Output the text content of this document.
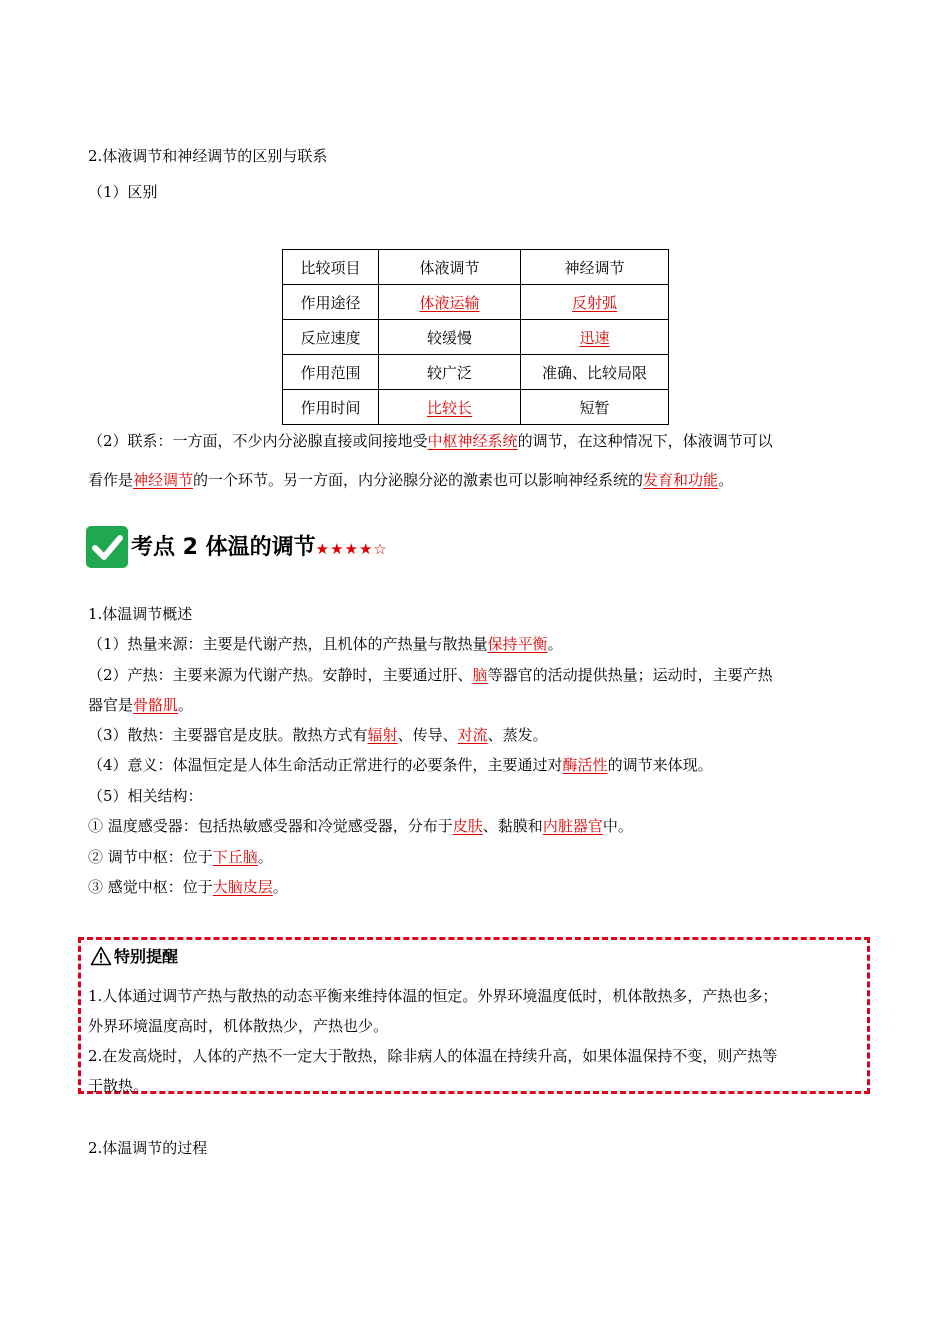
2.体液调节和神经调节的区别与联系
（1）区别
比较项目	体液调节	神经调节
作用途径	体液运输	反射弧
反应速度	较缓慢	迅速
作用范围	较广泛	准确、比较局限
作用时间	比较长	短暂
（2）联系：一方面，不少内分泌腺直接或间接地受中枢神经系统的调节，在这种情况下，体液调节可以
看作是神经调节的一个环节。另一方面，内分泌腺分泌的激素也可以影响神经系统的发育和功能。
考点 2 体温的调节★★★★☆
1.体温调节概述
（1）热量来源：主要是代谢产热，且机体的产热量与散热量保持平衡。
（2）产热：主要来源为代谢产热。安静时，主要通过肝、脑等器官的活动提供热量；运动时，主要产热
器官是骨骼肌。
（3）散热：主要器官是皮肤。散热方式有辐射、传导、对流、蒸发。
（4）意义：体温恒定是人体生命活动正常进行的必要条件，主要通过对酶活性的调节来体现。
（5）相关结构：
① 温度感受器：包括热敏感受器和冷觉感受器，分布于皮肤、黏膜和内脏器官中。
② 调节中枢：位于下丘脑。
③ 感觉中枢：位于大脑皮层。
特别提醒
1.人体通过调节产热与散热的动态平衡来维持体温的恒定。外界环境温度低时，机体散热多，产热也多；
外界环境温度高时，机体散热少，产热也少。
2.在发高烧时，人体的产热不一定大于散热，除非病人的体温在持续升高，如果体温保持不变，则产热等
于散热。
2.体温调节的过程
